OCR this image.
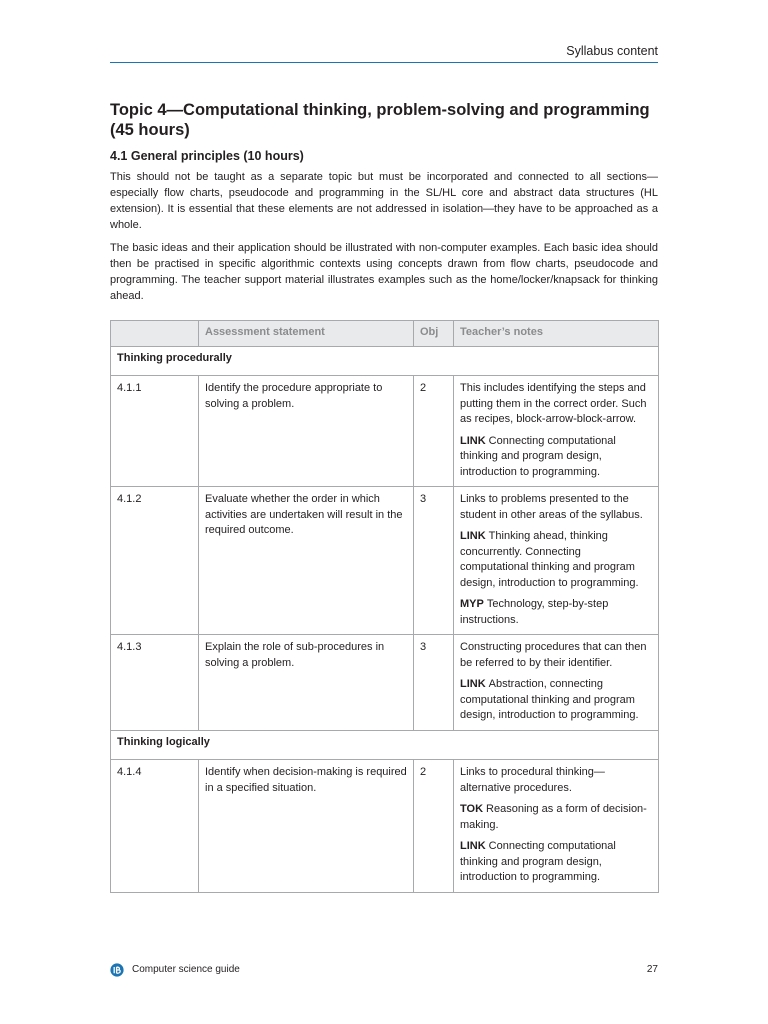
Syllabus content
Topic 4—Computational thinking, problem-solving and programming (45 hours)
4.1 General principles (10 hours)

This should not be taught as a separate topic but must be incorporated and connected to all sections—especially flow charts, pseudocode and programming in the SL/HL core and abstract data structures (HL extension). It is essential that these elements are not addressed in isolation—they have to be approached as a whole.

The basic ideas and their application should be illustrated with non-computer examples. Each basic idea should then be practised in specific algorithmic contexts using concepts drawn from flow charts, pseudocode and programming. The teacher support material illustrates examples such as the home/locker/knapsack for thinking ahead.

	Assessment statement	Obj	Teacher’s notes
Thinking procedurally			
4.1.1	Identify the procedure appropriate to solving a problem.	2	This includes identifying the steps and putting them in the correct order. Such as recipes, block-arrow-block-arrow.

LINK Connecting computational thinking and program design, introduction to programming.

4.1.2	Evaluate whether the order in which activities are undertaken will result in the required outcome.	3	Links to problems presented to the student in other areas of the syllabus.

LINK Thinking ahead, thinking concurrently. Connecting computational thinking and program design, introduction to programming.

MYP Technology, step-by-step instructions.

4.1.3	Explain the role of sub-procedures in solving a problem.	3	Constructing procedures that can then be referred to by their identifier.

LINK Abstraction, connecting computational thinking and program design, introduction to programming.

Thinking logically			
4.1.4	Identify when decision-making is required in a specified situation.	2	Links to procedural thinking—alternative procedures.

TOK Reasoning as a form of decision-making.

LINK Connecting computational thinking and program design, introduction to programming.

Computer science guide	27
